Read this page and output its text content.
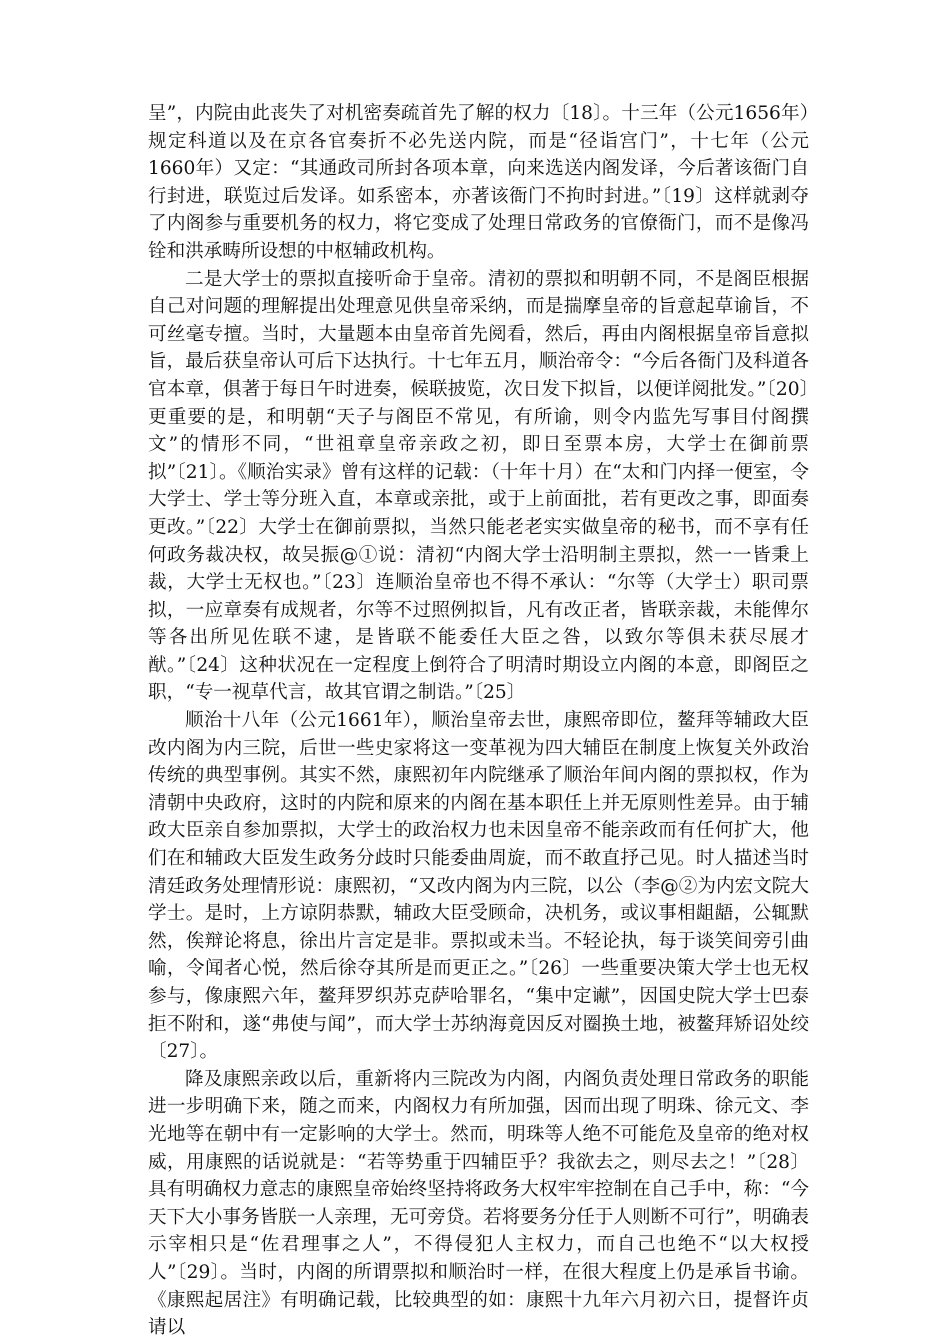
呈”，内院由此丧失了对机密奏疏首先了解的权力〔18〕。十三年（公元1656年）规定科道以及在京各官奏折不必先送内院，而是“径诣宫门”，十七年（公元1660年）又定：“其通政司所封各项本章，向来选送内阁发译，今后著该衙门自行封进，联览过后发译。如系密本，亦著该衙门不拘时封进。”〔19〕这样就剥夺了内阁参与重要机务的权力，将它变成了处理日常政务的官僚衙门，而不是像冯铨和洪承畴所设想的中枢辅政机构。

二是大学士的票拟直接听命于皇帝。清初的票拟和明朝不同，不是阁臣根据自己对问题的理解提出处理意见供皇帝采纳，而是揣摩皇帝的旨意起草谕旨，不可丝毫专擅。当时，大量题本由皇帝首先阅看，然后，再由内阁根据皇帝旨意拟旨，最后获皇帝认可后下达执行。十七年五月，顺治帝令：“今后各衙门及科道各官本章，俱著于每日午时进奏，候联披览，次日发下拟旨，以便详阅批发。”〔20〕更重要的是，和明朝“天子与阁臣不常见，有所谕，则令内监先写事目付阁撰文”的情形不同，“世祖章皇帝亲政之初，即日至票本房，大学士在御前票拟”〔21〕。《顺治实录》曾有这样的记载：（十年十月）在“太和门内择一便室，令大学士、学士等分班入直，本章或亲批，或于上前面批，若有更改之事，即面奏更改。”〔22〕大学士在御前票拟，当然只能老老实实做皇帝的秘书，而不享有任何政务裁决权，故吴振@①说：清初“内阁大学士沿明制主票拟，然一一皆秉上裁，大学士无权也。”〔23〕连顺治皇帝也不得不承认：“尔等（大学士）职司票拟，一应章奏有成规者，尔等不过照例拟旨，凡有改正者，皆联亲裁，未能俾尔等各出所见佐联不逮，是皆联不能委任大臣之咎，以致尔等俱未获尽展才猷。”〔24〕这种状况在一定程度上倒符合了明清时期设立内阁的本意，即阁臣之职，“专一视草代言，故其官谓之制诰。”〔25〕

顺治十八年（公元1661年），顺治皇帝去世，康熙帝即位，鳌拜等辅政大臣改内阁为内三院，后世一些史家将这一变革视为四大辅臣在制度上恢复关外政治传统的典型事例。其实不然，康熙初年内院继承了顺治年间内阁的票拟权，作为清朝中央政府，这时的内院和原来的内阁在基本职任上并无原则性差异。由于辅政大臣亲自参加票拟，大学士的政治权力也未因皇帝不能亲政而有任何扩大，他们在和辅政大臣发生政务分歧时只能委曲周旋，而不敢直抒己见。时人描述当时清廷政务处理情形说：康熙初，“又改内阁为内三院，以公（李@②为内宏文院大学士。是时，上方谅阴恭默，辅政大臣受顾命，决机务，或议事相龃龉，公辄默然，俟辩论将息，徐出片言定是非。票拟或未当。不轻论执，每于谈笑间旁引曲喻，令闻者心悦，然后徐夺其所是而更正之。”〔26〕一些重要决策大学士也无权参与，像康熙六年，鳌拜罗织苏克萨哈罪名，“集中定谳”，因国史院大学士巴泰拒不附和，遂“弗使与闻”，而大学士苏纳海竟因反对圈换土地，被鳌拜矫诏处绞〔27〕。

降及康熙亲政以后，重新将内三院改为内阁，内阁负责处理日常政务的职能进一步明确下来，随之而来，内阁权力有所加强，因而出现了明珠、徐元文、李光地等在朝中有一定影响的大学士。然而，明珠等人绝不可能危及皇帝的绝对权威，用康熙的话说就是：“若等势重于四辅臣乎？我欲去之，则尽去之！”〔28〕具有明确权力意志的康熙皇帝始终坚持将政务大权牢牢控制在自己手中，称：“今天下大小事务皆朕一人亲理，无可旁贷。若将要务分任于人则断不可行”，明确表示宰相只是“佐君理事之人”，不得侵犯人主权力，而自己也绝不“以大权授人”〔29〕。当时，内阁的所谓票拟和顺治时一样，在很大程度上仍是承旨书谕。《康熙起居注》有明确记载，比较典型的如：康熙十九年六月初六日，提督许贞请以
